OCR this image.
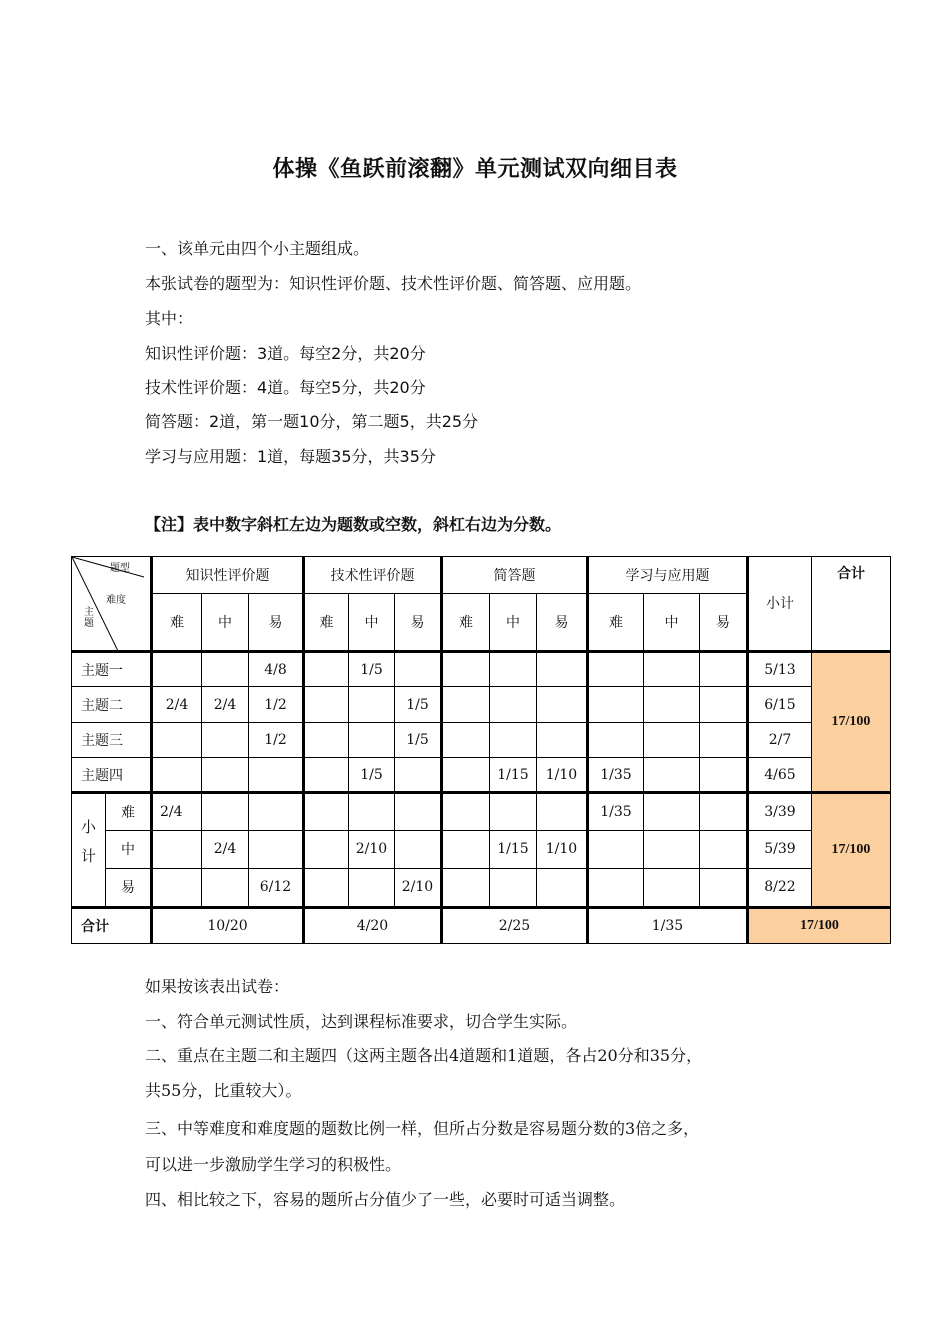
体操《鱼跃前滚翻》单元测试双向细目表
一、该单元由四个小主题组成。
本张试卷的题型为：知识性评价题、技术性评价题、简答题、应用题。
其中：
知识性评价题：3道。每空2分，共20分
技术性评价题：4道。每空5分，共20分
简答题：2道，第一题10分，第二题5，共25分
学习与应用题：1道，每题35分，共35分
【注】表中数字斜杠左边为题数或空数，斜杠右边为分数。
题型
难度
主题		知识性评价题			技术性评价题			简答题			学习与应用题			小计	合计
		难	中	易	难	中	易	难	中	易	难	中	易		
主题一				4/8		1/5								5/13	17/100
主题二		2/4	2/4	1/2			1/5							6/15	
主题三				1/2			1/5							2/7	
主题四						1/5			1/15	1/10	1/35			4/65	
小计	难	2/4									1/35			3/39	17/100
	中		2/4			2/10			1/15	1/10				5/39	
	易			6/12			2/10							8/22	
合计		10/20			4/20			2/25			1/35			17/100	
如果按该表出试卷：
一、符合单元测试性质，达到课程标准要求，切合学生实际。
二、重点在主题二和主题四（这两主题各出4道题和1道题，各占20分和35分，
共55分，比重较大）。
三、中等难度和难度题的题数比例一样，但所占分数是容易题分数的3倍之多，
可以进一步激励学生学习的积极性。
四、相比较之下，容易的题所占分值少了一些，必要时可适当调整。
